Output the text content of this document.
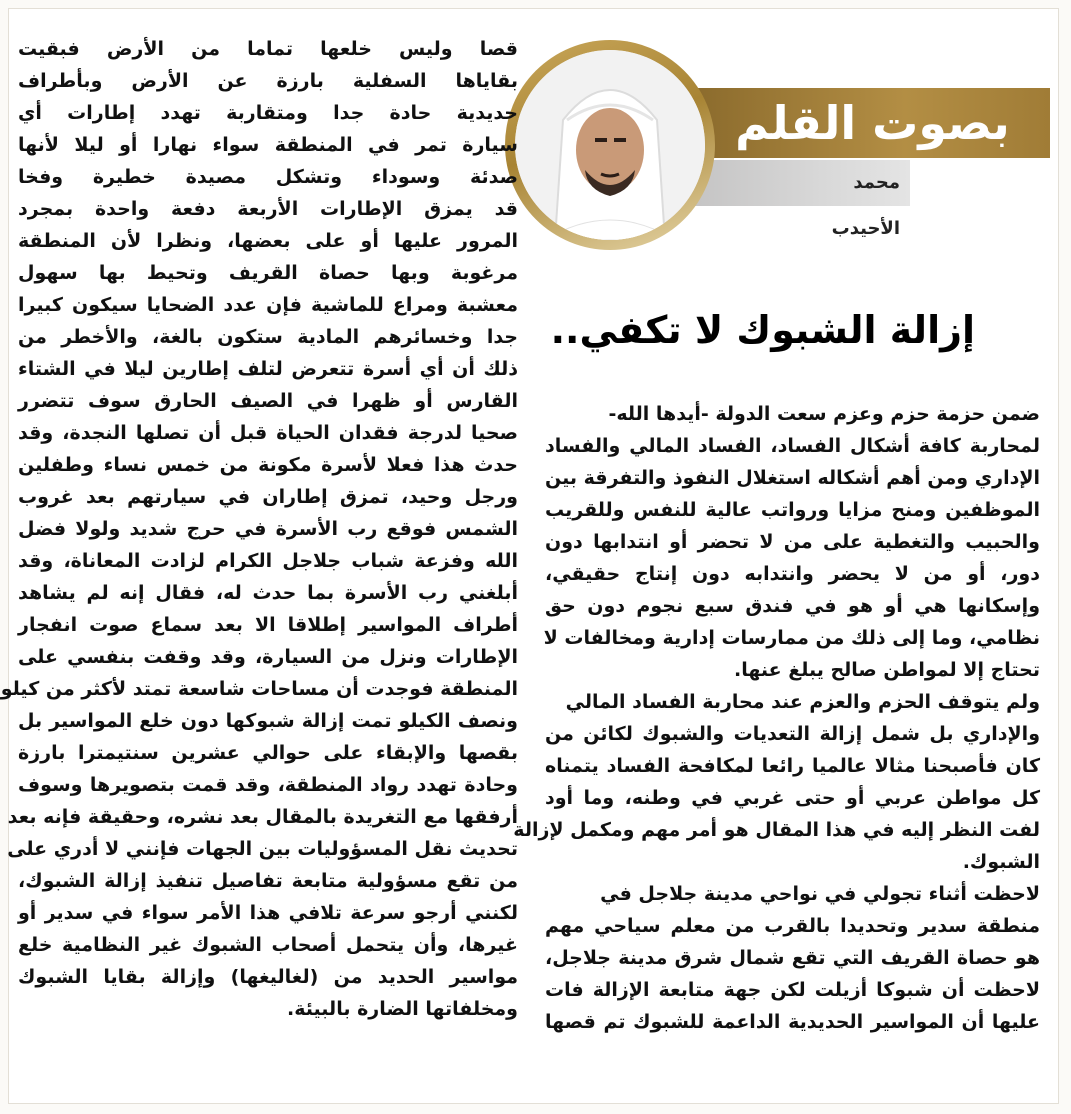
محمد الأحيدب
بصوت القلم
إزالة الشبوك لا تكفي..
ضمن حزمة حزم وعزم سعت الدولة -أيدها الله-
لمحاربة كافة أشكال الفساد، الفساد المالي والفساد
الإداري ومن أهم أشكاله استغلال النفوذ والتفرقة بين
الموظفين ومنح مزايا ورواتب عالية للنفس وللقريب
والحبيب والتغطية على من لا تحضر أو انتدابها دون
دور، أو من لا يحضر وانتدابه دون إنتاج حقيقي،
وإسكانها هي أو هو في فندق سبع نجوم دون حق
نظامي، وما إلى ذلك من ممارسات إدارية ومخالفات لا
تحتاج إلا لمواطن صالح يبلغ عنها.
ولم يتوقف الحزم والعزم عند محاربة الفساد المالي
والإداري بل شمل إزالة التعديات والشبوك لكائن من
كان فأصبحنا مثالا عالميا رائعا لمكافحة الفساد يتمناه
كل مواطن عربي أو حتى غربي في وطنه، وما أود
لفت النظر إليه في هذا المقال هو أمر مهم ومكمل لإزالة
الشبوك.
لاحظت أثناء تجولي في نواحي مدينة جلاجل في
منطقة سدير وتحديدا بالقرب من معلم سياحي مهم
هو حصاة القريف التي تقع شمال شرق مدينة جلاجل،
لاحظت أن شبوكا أزيلت لكن جهة متابعة الإزالة فات
عليها أن المواسير الحديدية الداعمة للشبوك تم قصها
قصا وليس خلعها تماما من الأرض فبقيت
بقاياها السفلية بارزة عن الأرض وبأطراف
حديدية حادة جدا ومتقاربة تهدد إطارات أي
سيارة تمر في المنطقة سواء نهارا أو ليلا لأنها
صدئة وسوداء وتشكل مصيدة خطيرة وفخا
قد يمزق الإطارات الأربعة دفعة واحدة بمجرد
المرور عليها أو على بعضها، ونظرا لأن المنطقة
مرغوبة وبها حصاة القريف وتحيط بها سهول
معشبة ومراع للماشية فإن عدد الضحايا سيكون كبيرا
جدا وخسائرهم المادية ستكون بالغة، والأخطر من
ذلك أن أي أسرة تتعرض لتلف إطارين ليلا في الشتاء
القارس أو ظهرا في الصيف الحارق سوف تتضرر
صحيا لدرجة فقدان الحياة قبل أن تصلها النجدة، وقد
حدث هذا فعلا لأسرة مكونة من خمس نساء وطفلين
ورجل وحيد، تمزق إطاران في سيارتهم بعد غروب
الشمس فوقع رب الأسرة في حرج شديد ولولا فضل
الله وفزعة شباب جلاجل الكرام لزادت المعاناة، وقد
أبلغني رب الأسرة بما حدث له، فقال إنه لم يشاهد
أطراف المواسير إطلاقا الا بعد سماع صوت انفجار
الإطارات ونزل من السيارة، وقد وقفت بنفسي على
المنطقة فوجدت أن مساحات شاسعة تمتد لأكثر من كيلو
ونصف الكيلو تمت إزالة شبوكها دون خلع المواسير بل
بقصها والإبقاء على حوالي عشرين سنتيمترا بارزة
وحادة تهدد رواد المنطقة، وقد قمت بتصويرها وسوف
أرفقها مع التغريدة بالمقال بعد نشره، وحقيقة فإنه بعد
تحديث نقل المسؤوليات بين الجهات فإنني لا أدري على
من تقع مسؤولية متابعة تفاصيل تنفيذ إزالة الشبوك،
لكنني أرجو سرعة تلافي هذا الأمر سواء في سدير أو
غيرها، وأن يتحمل أصحاب الشبوك غير النظامية خلع
مواسير الحديد من (لغاليغها) وإزالة بقايا الشبوك
ومخلفاتها الضارة بالبيئة.
